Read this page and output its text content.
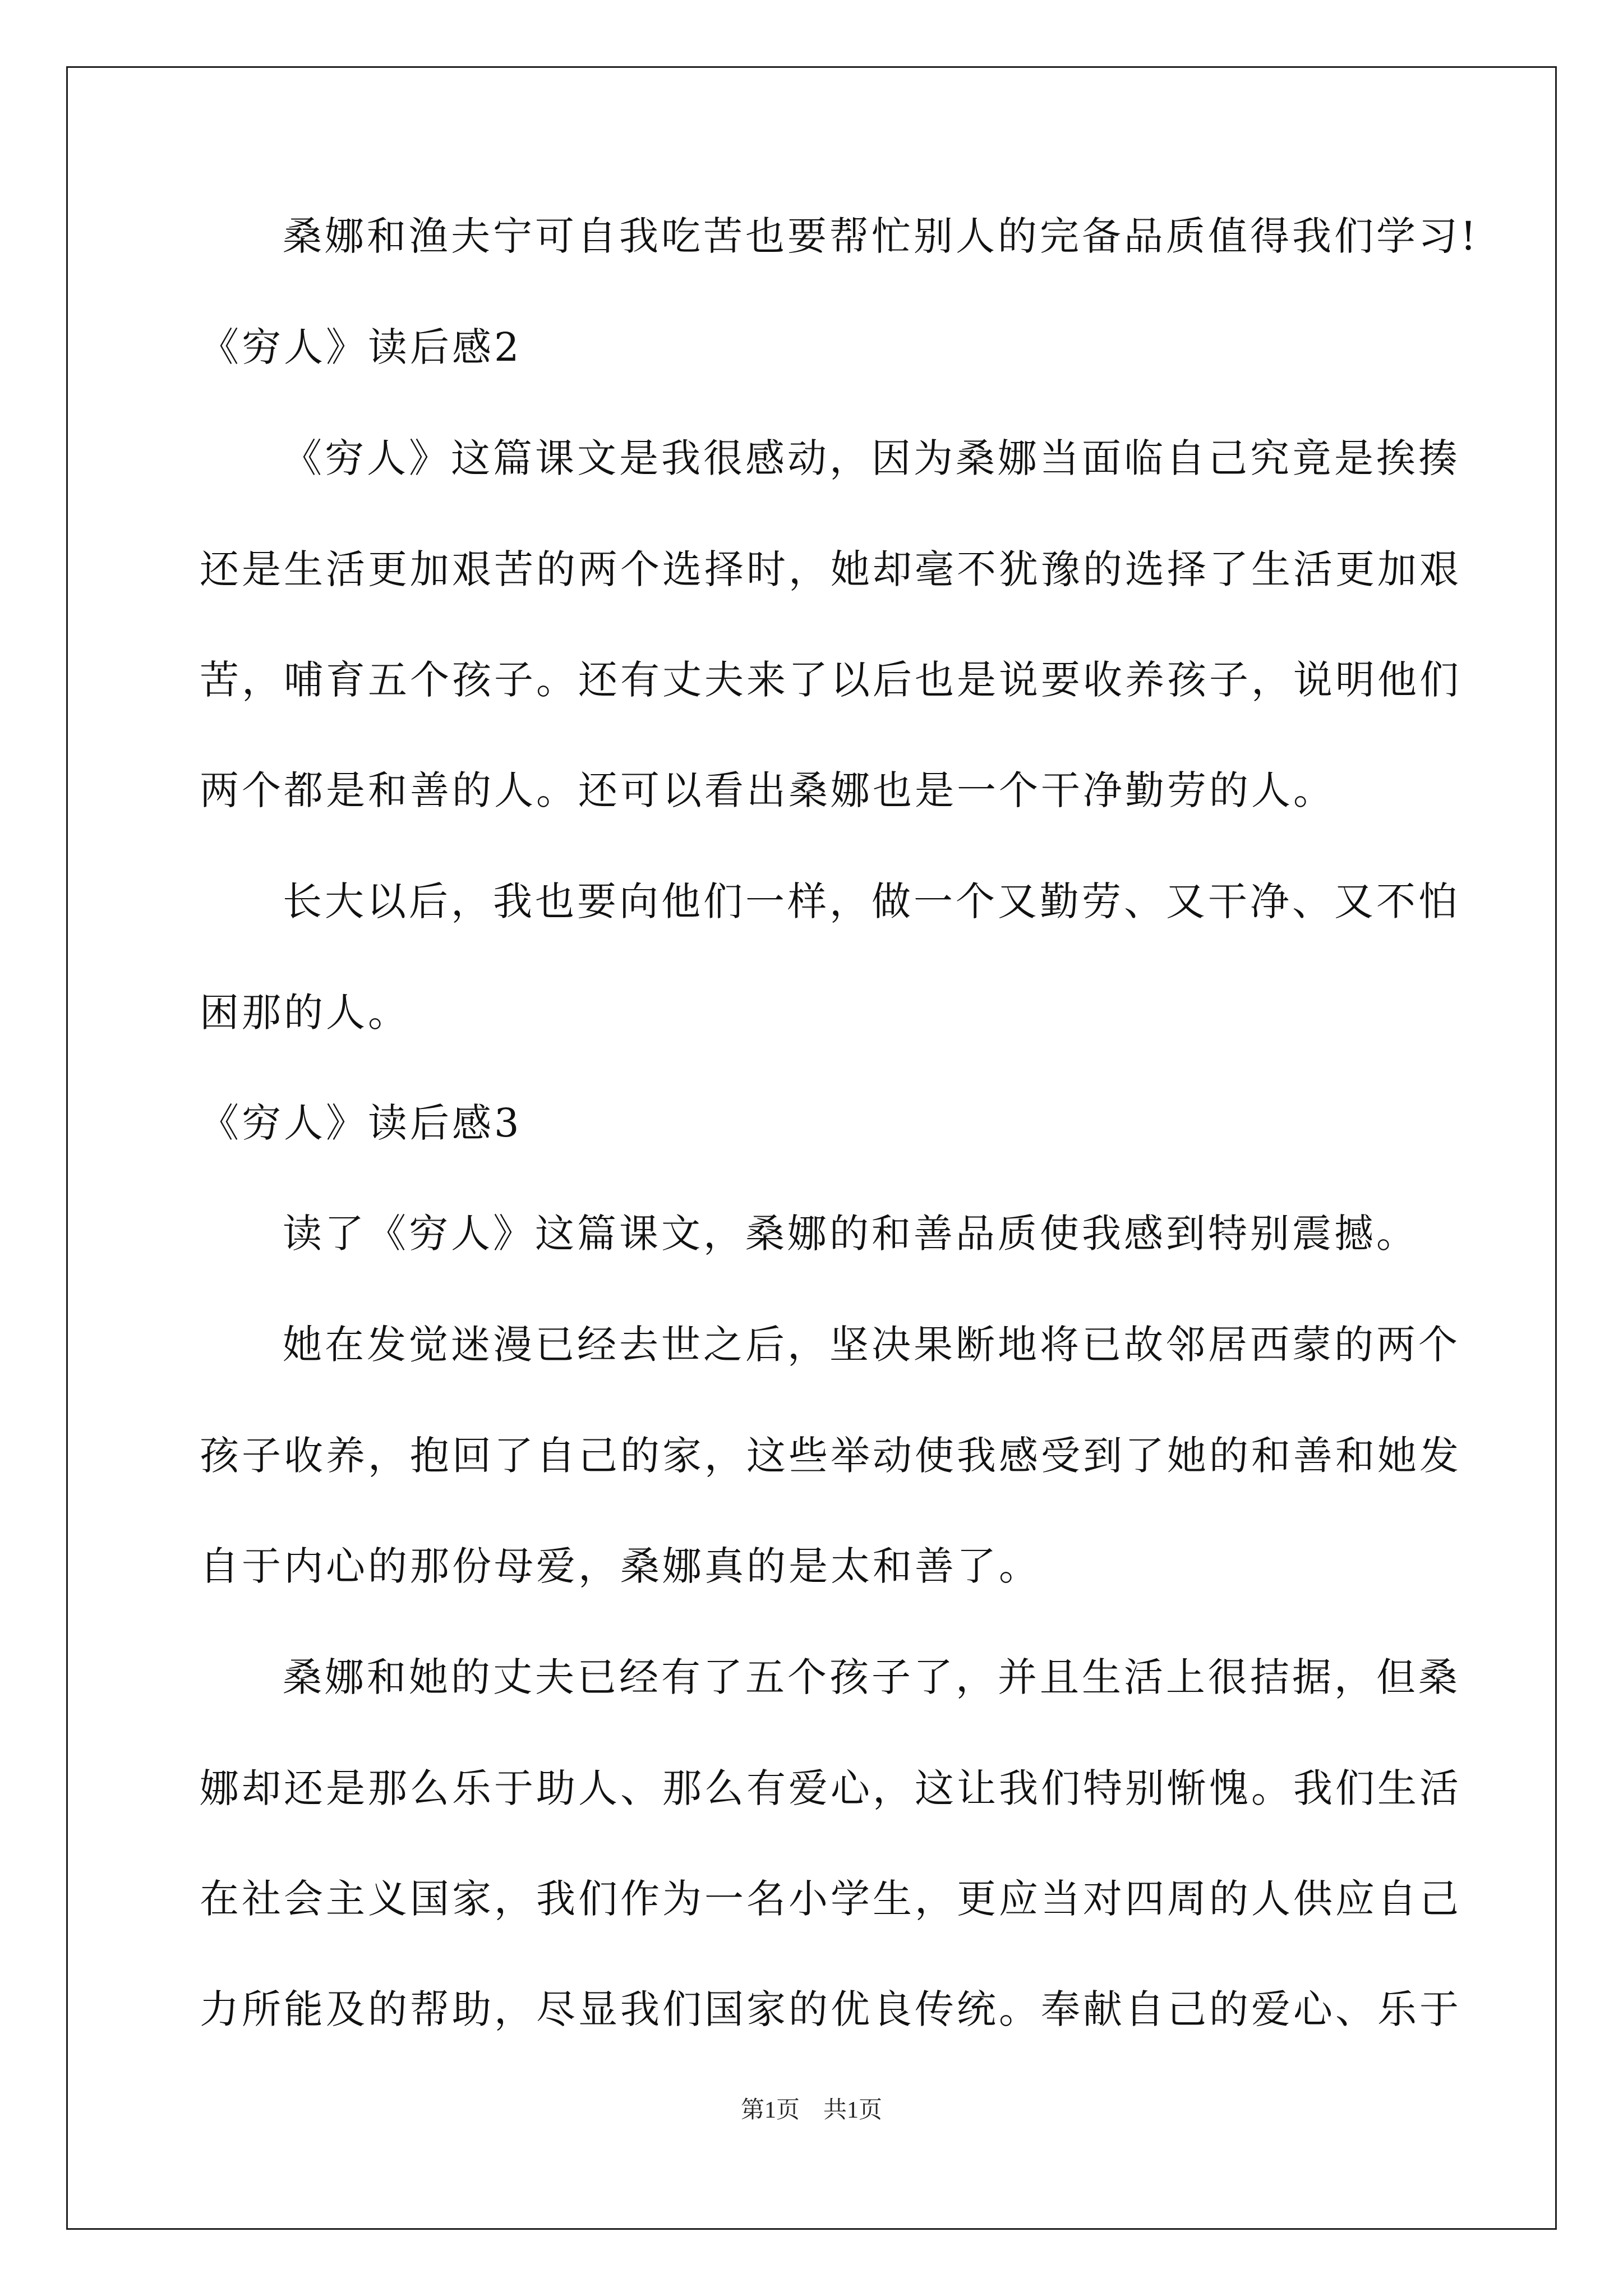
桑娜和渔夫宁可自我吃苦也要帮忙别人的完备品质值得我们学习!
《穷人》读后感2
《穷人》这篇课文是我很感动，因为桑娜当面临自己究竟是挨揍
还是生活更加艰苦的两个选择时，她却毫不犹豫的选择了生活更加艰
苦，哺育五个孩子。还有丈夫来了以后也是说要收养孩子，说明他们
两个都是和善的人。还可以看出桑娜也是一个干净勤劳的人。
长大以后，我也要向他们一样，做一个又勤劳、又干净、又不怕
困那的人。
《穷人》读后感3
读了《穷人》这篇课文，桑娜的和善品质使我感到特别震撼。
她在发觉迷漫已经去世之后，坚决果断地将已故邻居西蒙的两个
孩子收养，抱回了自己的家，这些举动使我感受到了她的和善和她发
自于内心的那份母爱，桑娜真的是太和善了。
桑娜和她的丈夫已经有了五个孩子了，并且生活上很拮据，但桑
娜却还是那么乐于助人、那么有爱心，这让我们特别惭愧。我们生活
在社会主义国家，我们作为一名小学生，更应当对四周的人供应自己
力所能及的帮助，尽显我们国家的优良传统。奉献自己的爱心、乐于
第1页　共1页
